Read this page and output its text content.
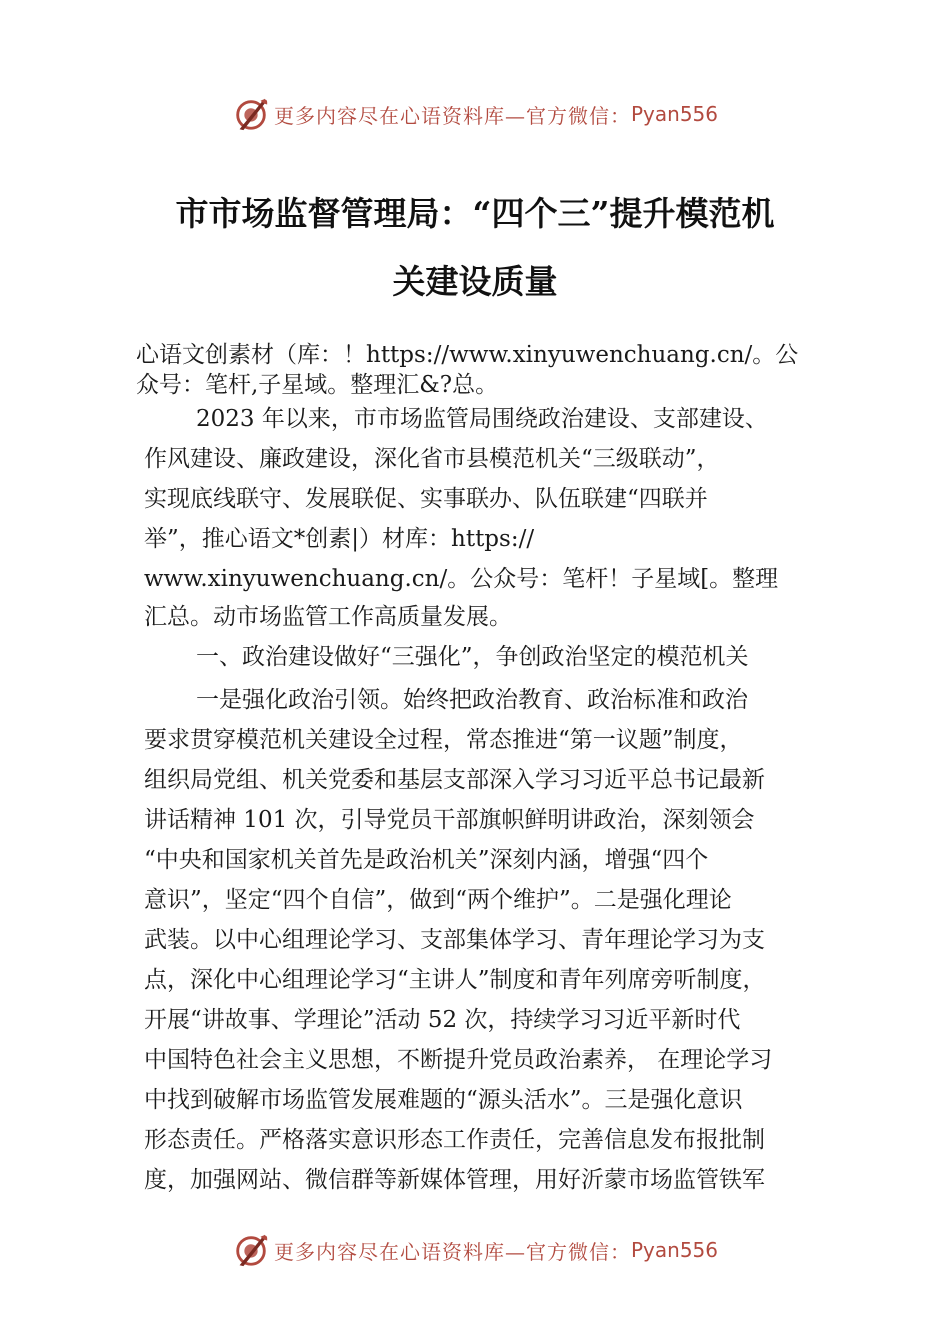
更多内容尽在心语资料库—官方微信： Pyan556
市市场监督管理局：“四个三”提升模范机
关建设质量
心语文创素材（库：！https://www.xinyuwenchuang.cn/。公
众号：笔杆,子星域。整理汇&?总。
2023 年以来，市市场监管局围绕政治建设、支部建设、
作风建设、廉政建设，深化省市县模范机关“三级联动”，
实现底线联守、发展联促、实事联办、队伍联建“四联并
举”，推心语文*创素|）材库：https://
www.xinyuwenchuang.cn/。公众号：笔杆！子星域[。整理
汇总。动市场监管工作高质量发展。
一、政治建设做好“三强化”，争创政治坚定的模范机关
一是强化政治引领。始终把政治教育、政治标准和政治
要求贯穿模范机关建设全过程，常态推进“第一议题”制度，
组织局党组、机关党委和基层支部深入学习习近平总书记最新
讲话精神 101 次，引导党员干部旗帜鲜明讲政治，深刻领会
“中央和国家机关首先是政治机关”深刻内涵，增强“四个
意识”，坚定“四个自信”，做到“两个维护”。二是强化理论
武装。以中心组理论学习、支部集体学习、青年理论学习为支
点，深化中心组理论学习“主讲人”制度和青年列席旁听制度，
开展“讲故事、学理论”活动 52 次，持续学习习近平新时代
中国特色社会主义思想，不断提升党员政治素养， 在理论学习
中找到破解市场监管发展难题的“源头活水”。三是强化意识
形态责任。严格落实意识形态工作责任，完善信息发布报批制
度，加强网站、微信群等新媒体管理，用好沂蒙市场监管铁军
更多内容尽在心语资料库—官方微信： Pyan556
